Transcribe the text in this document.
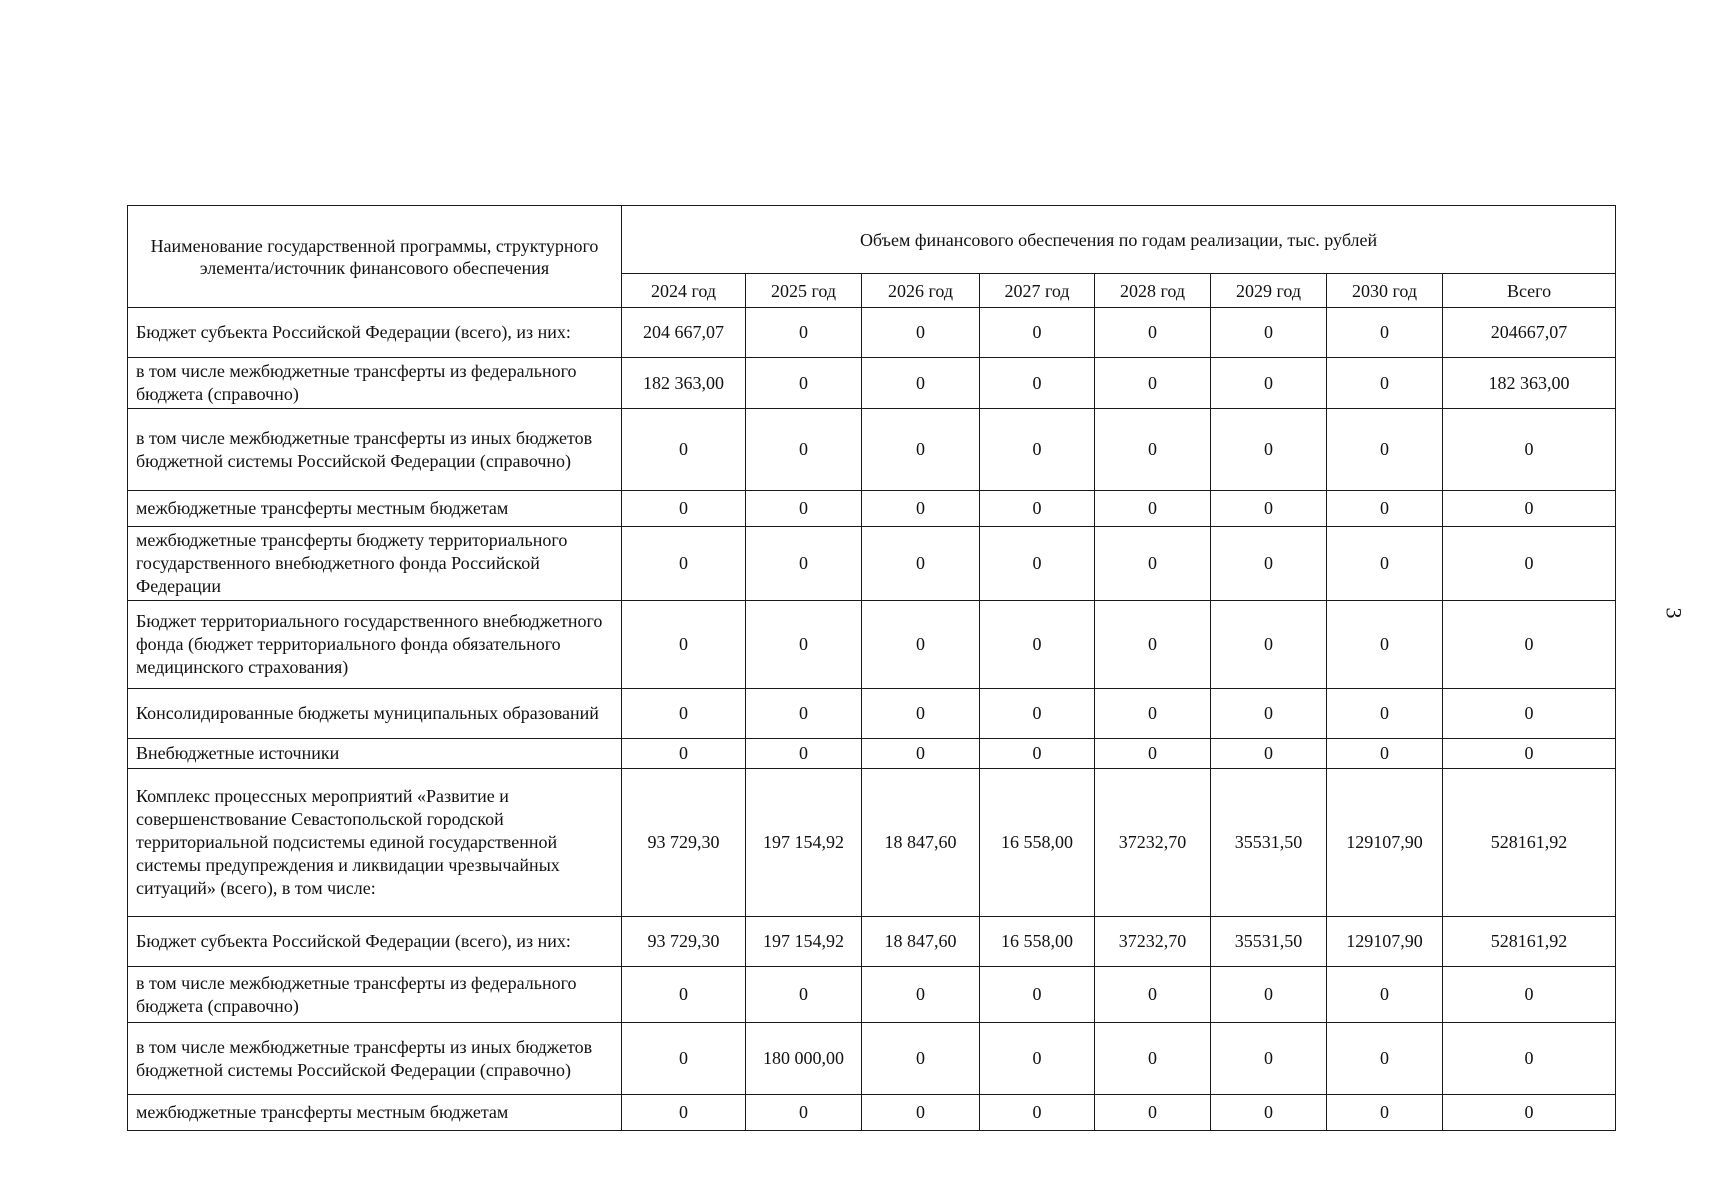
Наименование государственной программы, структурного элемента/источник финансового обеспечения	Объем финансового обеспечения по годам реализации, тыс. рублей							
	2024 год	2025 год	2026 год	2027 год	2028 год	2029 год	2030 год	Всего
Бюджет субъекта Российской Федерации (всего), из них:	204 667,07	0	0	0	0	0	0	204667,07
в том числе межбюджетные трансферты из федерального бюджета (справочно)	182 363,00	0	0	0	0	0	0	182 363,00
в том числе межбюджетные трансферты из иных бюджетов бюджетной системы Российской Федерации (справочно)	0	0	0	0	0	0	0	0
межбюджетные трансферты местным бюджетам	0	0	0	0	0	0	0	0
межбюджетные трансферты бюджету территориального государственного внебюджетного фонда Российской Федерации	0	0	0	0	0	0	0	0
Бюджет территориального государственного внебюджетного фонда (бюджет территориального фонда обязательного медицинского страхования)	0	0	0	0	0	0	0	0
Консолидированные бюджеты муниципальных образований	0	0	0	0	0	0	0	0
Внебюджетные источники	0	0	0	0	0	0	0	0
Комплекс процессных мероприятий «Развитие и совершенствование Севастопольской городской территориальной подсистемы единой государственной системы предупреждения и ликвидации чрезвычайных ситуаций» (всего), в том числе:	93 729,30	197 154,92	18 847,60	16 558,00	37232,70	35531,50	129107,90	528161,92
Бюджет субъекта Российской Федерации (всего), из них:	93 729,30	197 154,92	18 847,60	16 558,00	37232,70	35531,50	129107,90	528161,92
в том числе межбюджетные трансферты из федерального бюджета (справочно)	0	0	0	0	0	0	0	0
в том числе межбюджетные трансферты из иных бюджетов бюджетной системы Российской Федерации (справочно)	0	180 000,00	0	0	0	0	0	0
межбюджетные трансферты местным бюджетам	0	0	0	0	0	0	0	0
3
